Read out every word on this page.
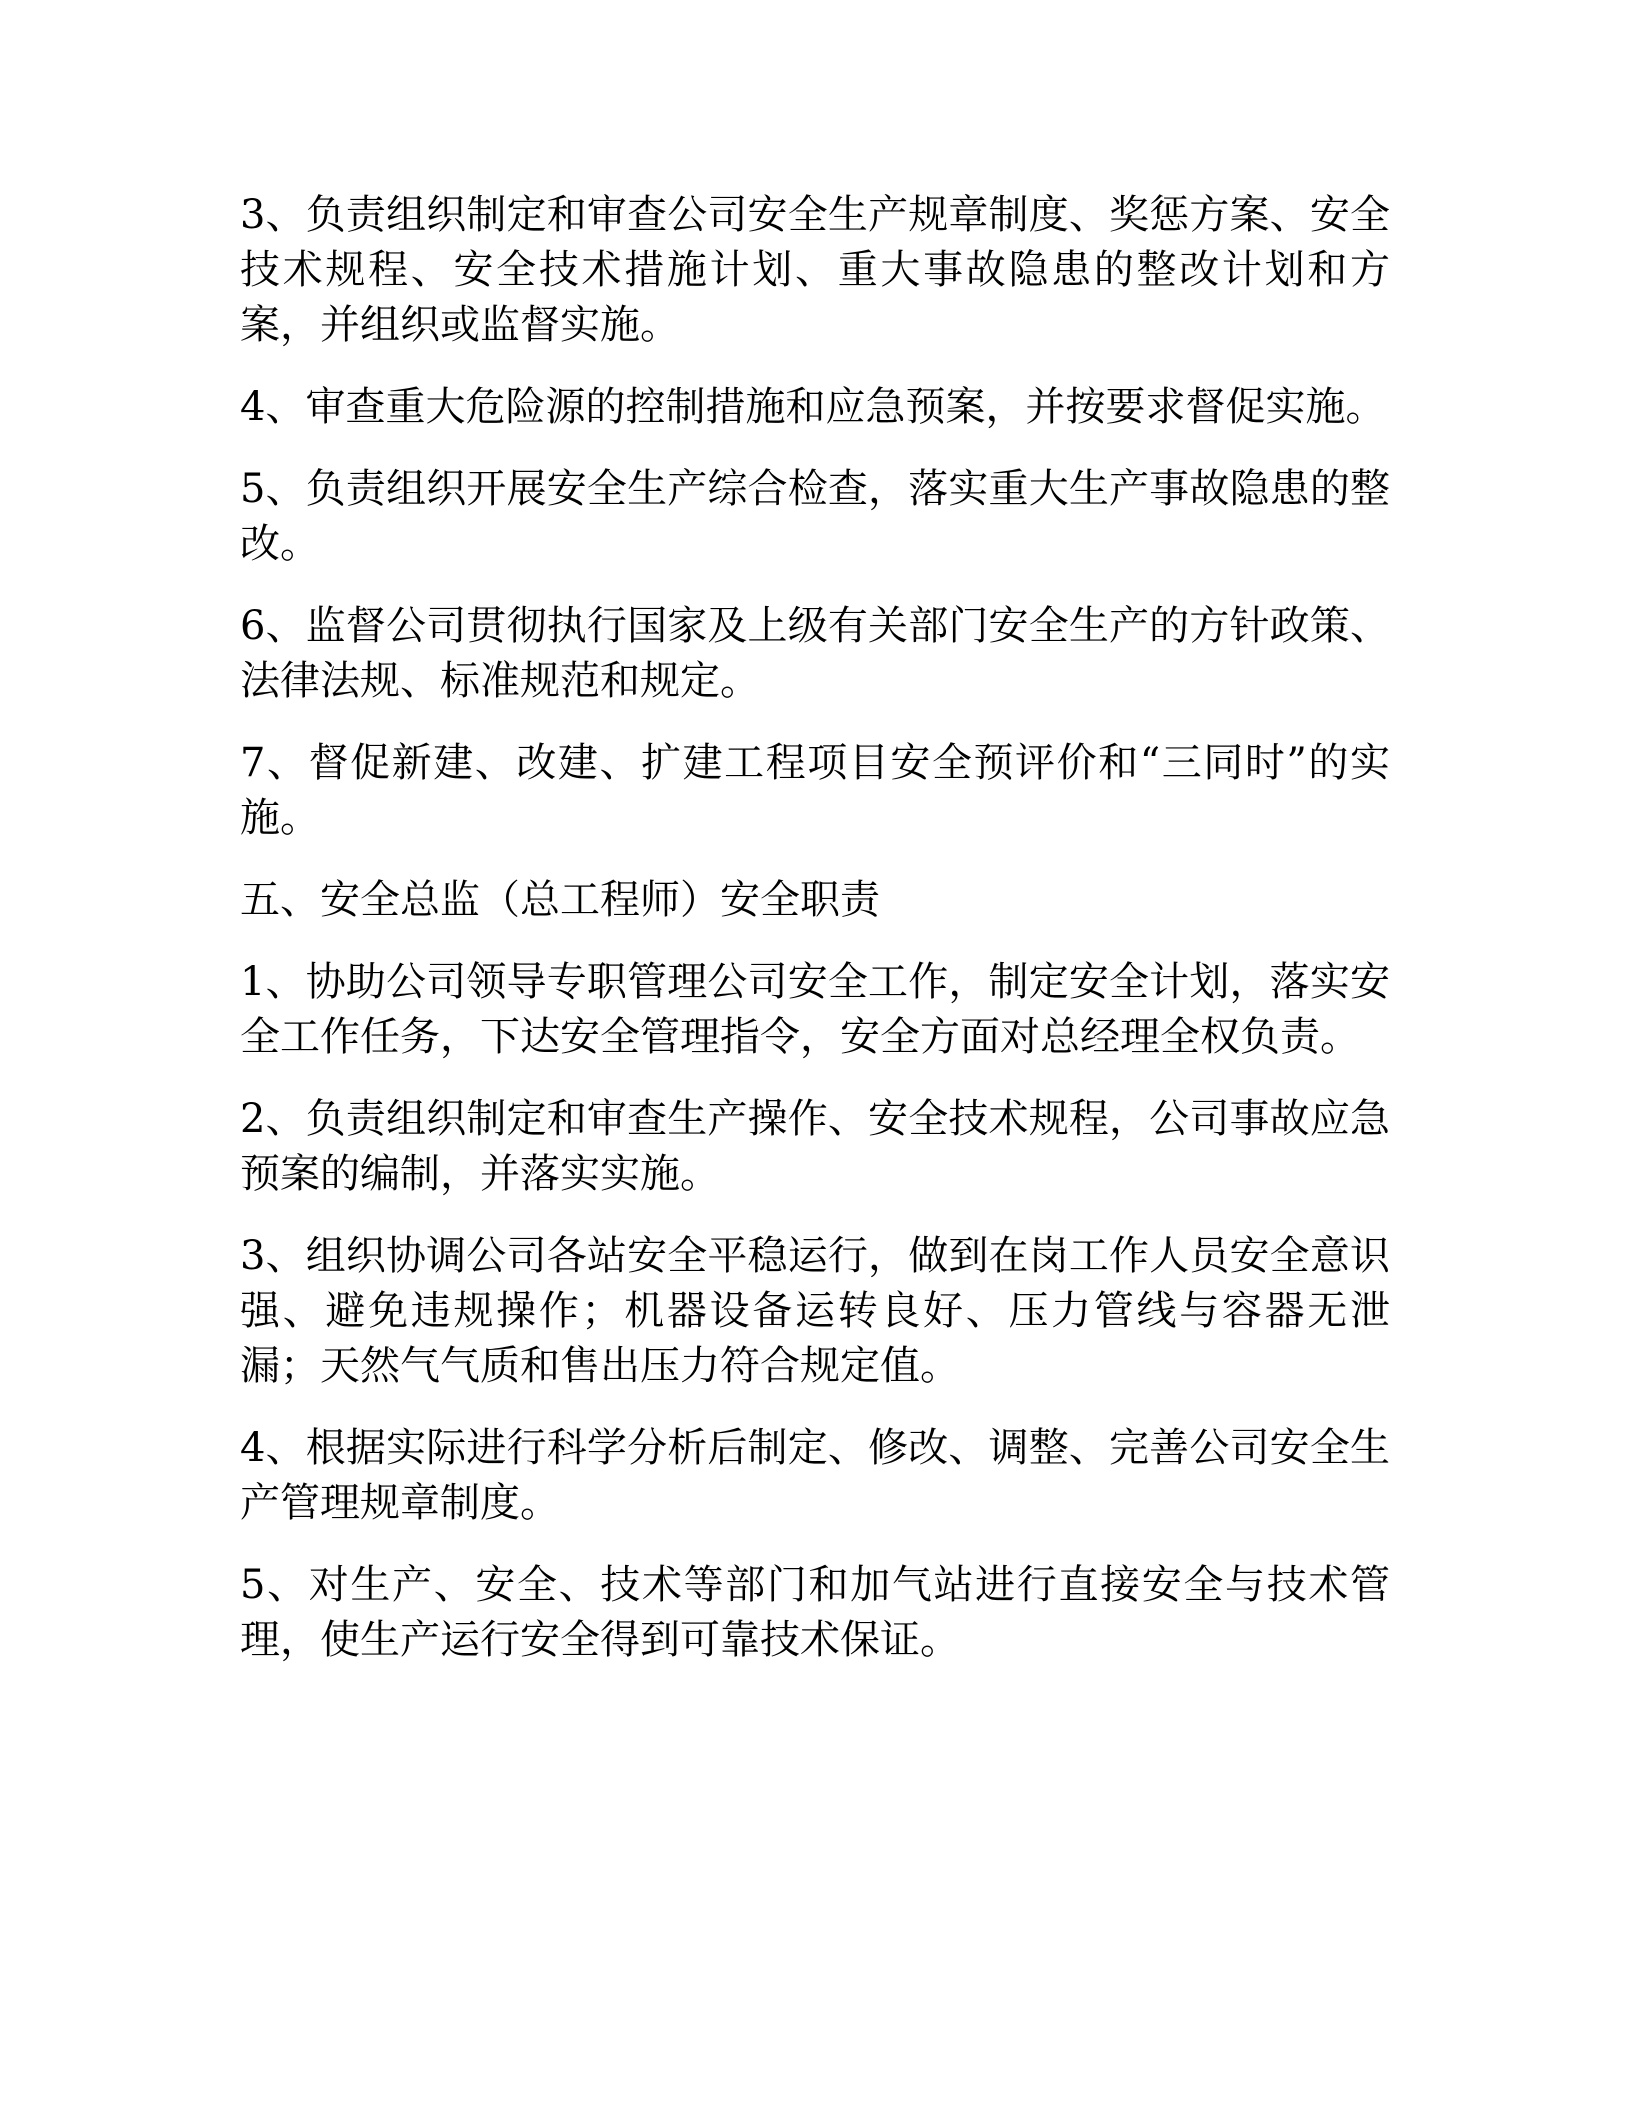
3、负责组织制定和审查公司安全生产规章制度、奖惩方案、安全技术规程、安全技术措施计划、重大事故隐患的整改计划和方案，并组织或监督实施。

4、审查重大危险源的控制措施和应急预案，并按要求督促实施。

5、负责组织开展安全生产综合检查，落实重大生产事故隐患的整改。

6、监督公司贯彻执行国家及上级有关部门安全生产的方针政策、法律法规、标准规范和规定。

7、督促新建、改建、扩建工程项目安全预评价和“三同时”的实施。

五、安全总监（总工程师）安全职责

1、协助公司领导专职管理公司安全工作，制定安全计划，落实安全工作任务，下达安全管理指令，安全方面对总经理全权负责。

2、负责组织制定和审查生产操作、安全技术规程，公司事故应急预案的编制，并落实实施。

3、组织协调公司各站安全平稳运行，做到在岗工作人员安全意识强、避免违规操作；机器设备运转良好、压力管线与容器无泄漏；天然气气质和售出压力符合规定值。

4、根据实际进行科学分析后制定、修改、调整、完善公司安全生产管理规章制度。

5、对生产、安全、技术等部门和加气站进行直接安全与技术管理，使生产运行安全得到可靠技术保证。
